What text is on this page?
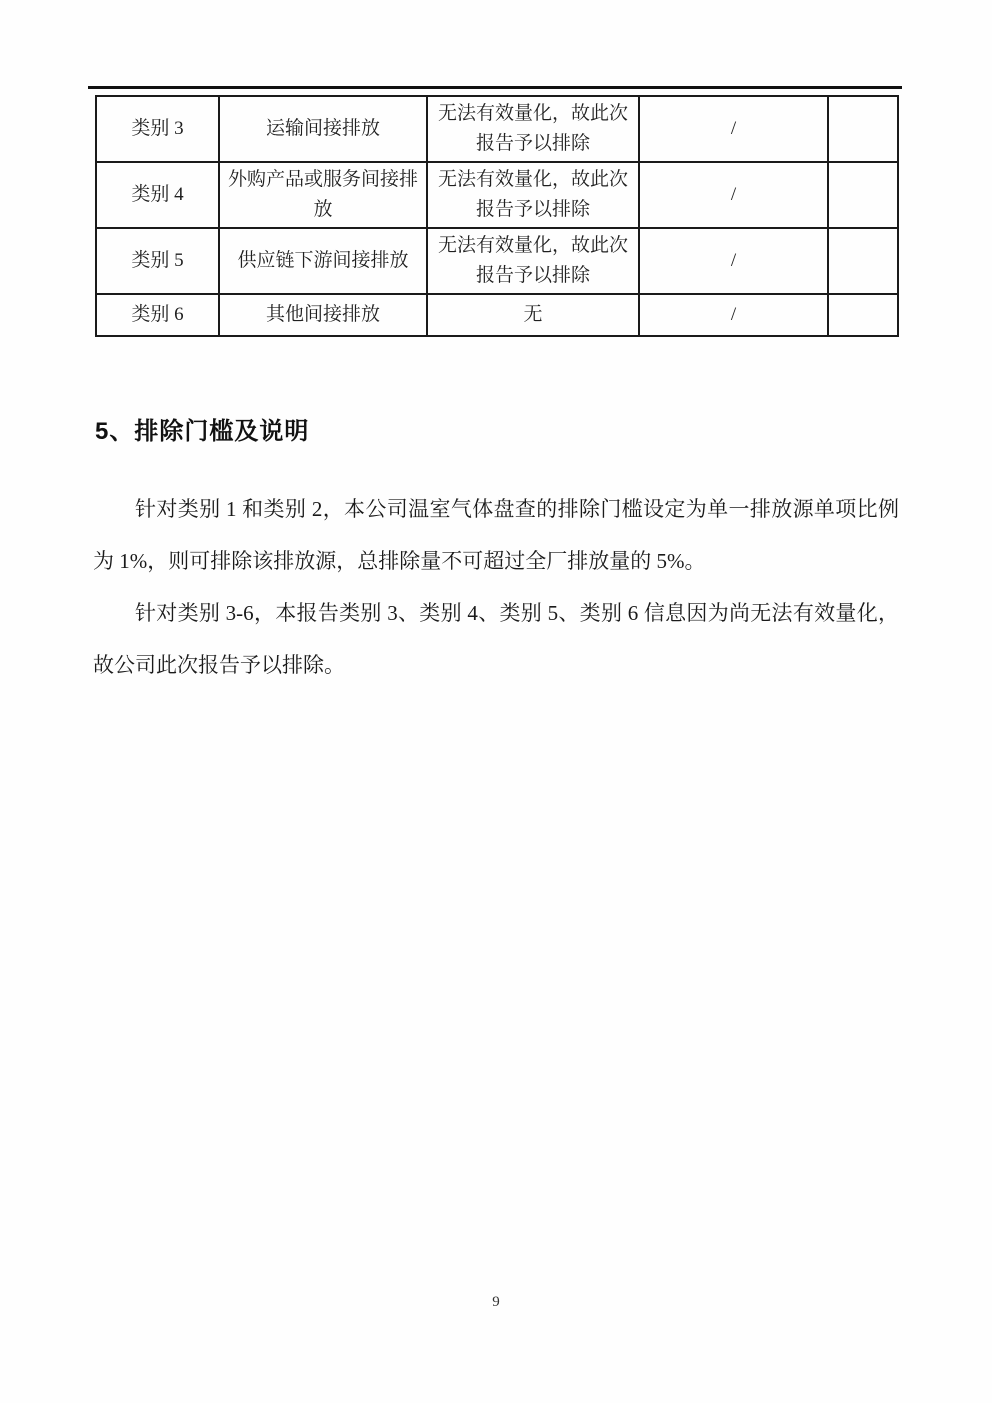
类别 3	运输间接排放	无法有效量化，故此次报告予以排除	/	
类别 4	外购产品或服务间接排放	无法有效量化，故此次报告予以排除	/	
类别 5	供应链下游间接排放	无法有效量化，故此次报告予以排除	/	
类别 6	其他间接排放	无	/	
5、排除门槛及说明

针对类别 1 和类别 2，本公司温室气体盘查的排除门槛设定为单一排放源单项比例为 1%，则可排除该排放源，总排除量不可超过全厂排放量的 5%。

针对类别 3-6，本报告类别 3、类别 4、类别 5、类别 6 信息因为尚无法有效量化，故公司此次报告予以排除。

9
